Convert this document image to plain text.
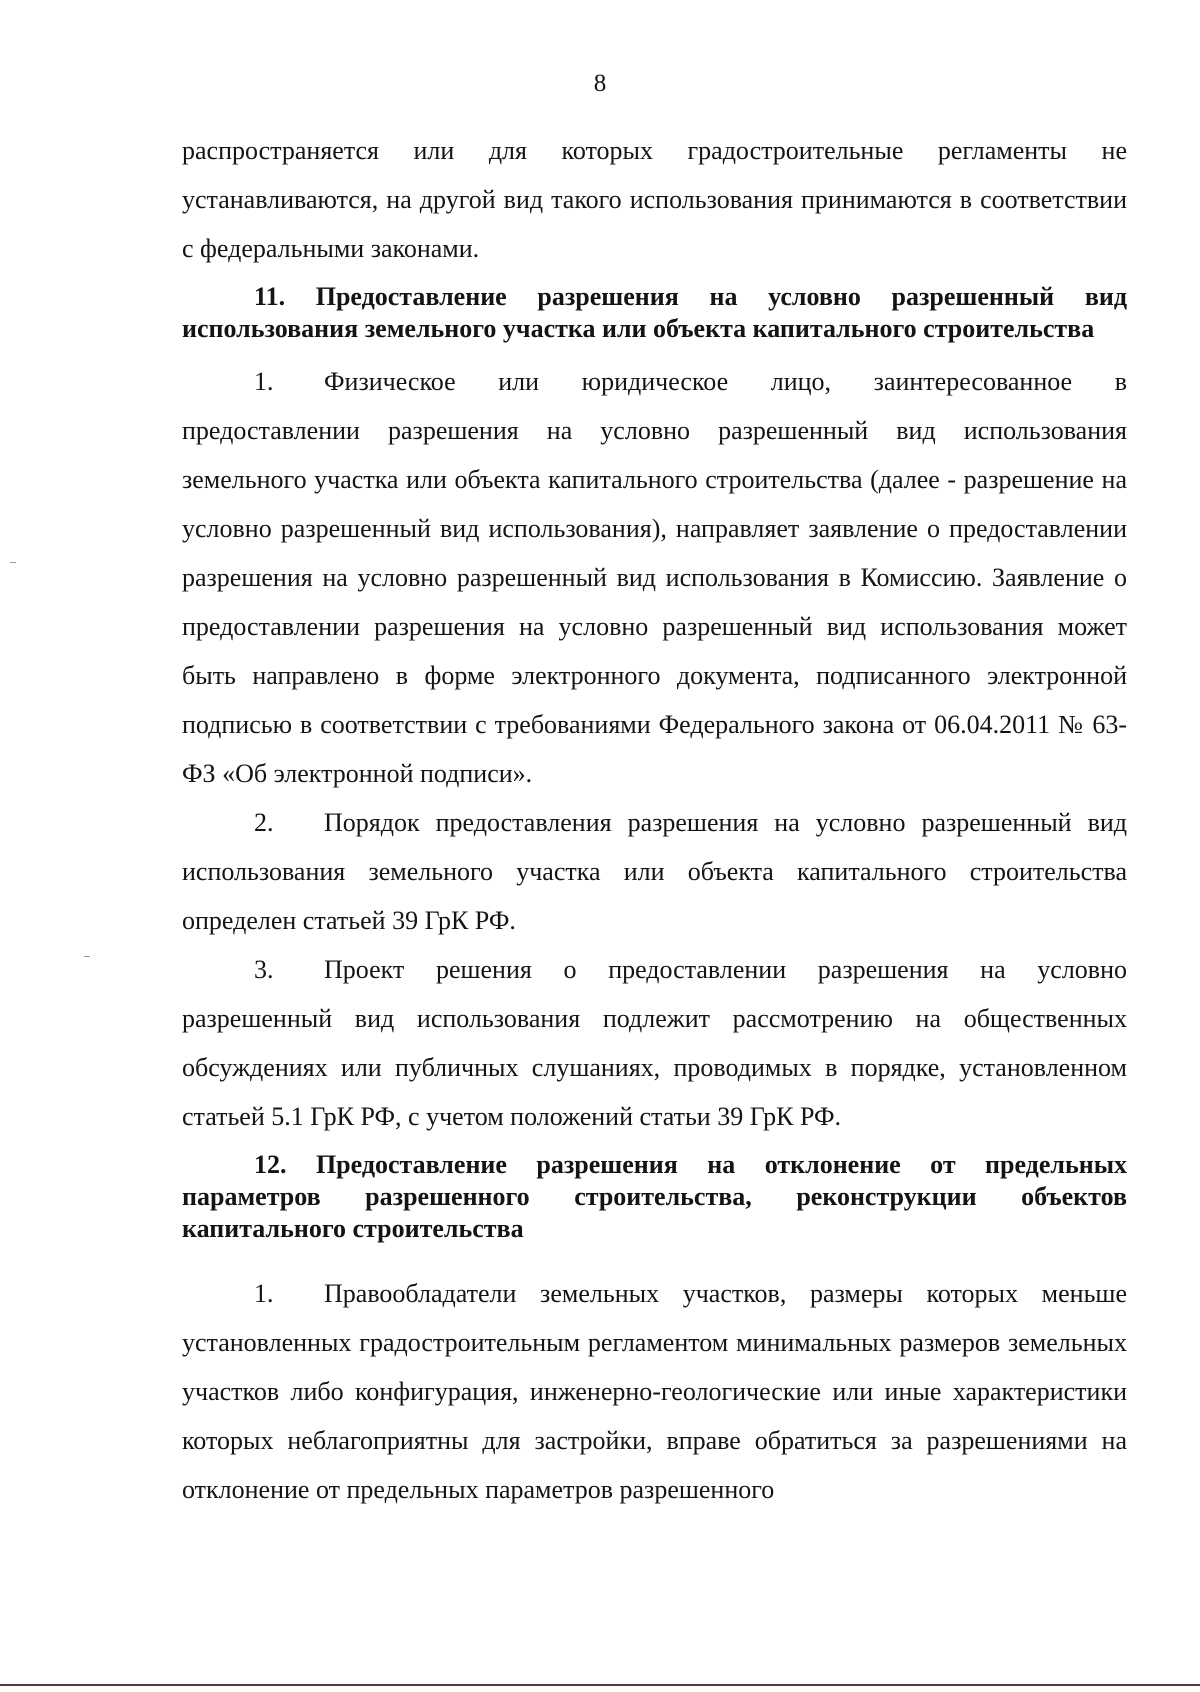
8

распространяется или для которых градостроительные регламенты не устанавливаются, на другой вид такого использования принимаются в соответствии с федеральными законами.

11. Предоставление разрешения на условно разрешенный вид использования земельного участка или объекта капитального строительства

1. Физическое или юридическое лицо, заинтересованное в предоставлении разрешения на условно разрешенный вид использования земельного участка или объекта капитального строительства (далее - разрешение на условно разрешенный вид использования), направляет заявление о предоставлении разрешения на условно разрешенный вид использования в Комиссию. Заявление о предоставлении разрешения на условно разрешенный вид использования может быть направлено в форме электронного документа, подписанного электронной подписью в соответствии с требованиями Федерального закона от 06.04.2011 № 63-ФЗ «Об электронной подписи».

2. Порядок предоставления разрешения на условно разрешенный вид использования земельного участка или объекта капитального строительства определен статьей 39 ГрК РФ.

3. Проект решения о предоставлении разрешения на условно разрешенный вид использования подлежит рассмотрению на общественных обсуждениях или публичных слушаниях, проводимых в порядке, установленном статьей 5.1 ГрК РФ, с учетом положений статьи 39 ГрК РФ.

12. Предоставление разрешения на отклонение от предельных параметров разрешенного строительства, реконструкции объектов капитального строительства

1. Правообладатели земельных участков, размеры которых меньше установленных градостроительным регламентом минимальных размеров земельных участков либо конфигурация, инженерно-геологические или иные характеристики которых неблагоприятны для застройки, вправе обратиться за разрешениями на отклонение от предельных параметров разрешенного
